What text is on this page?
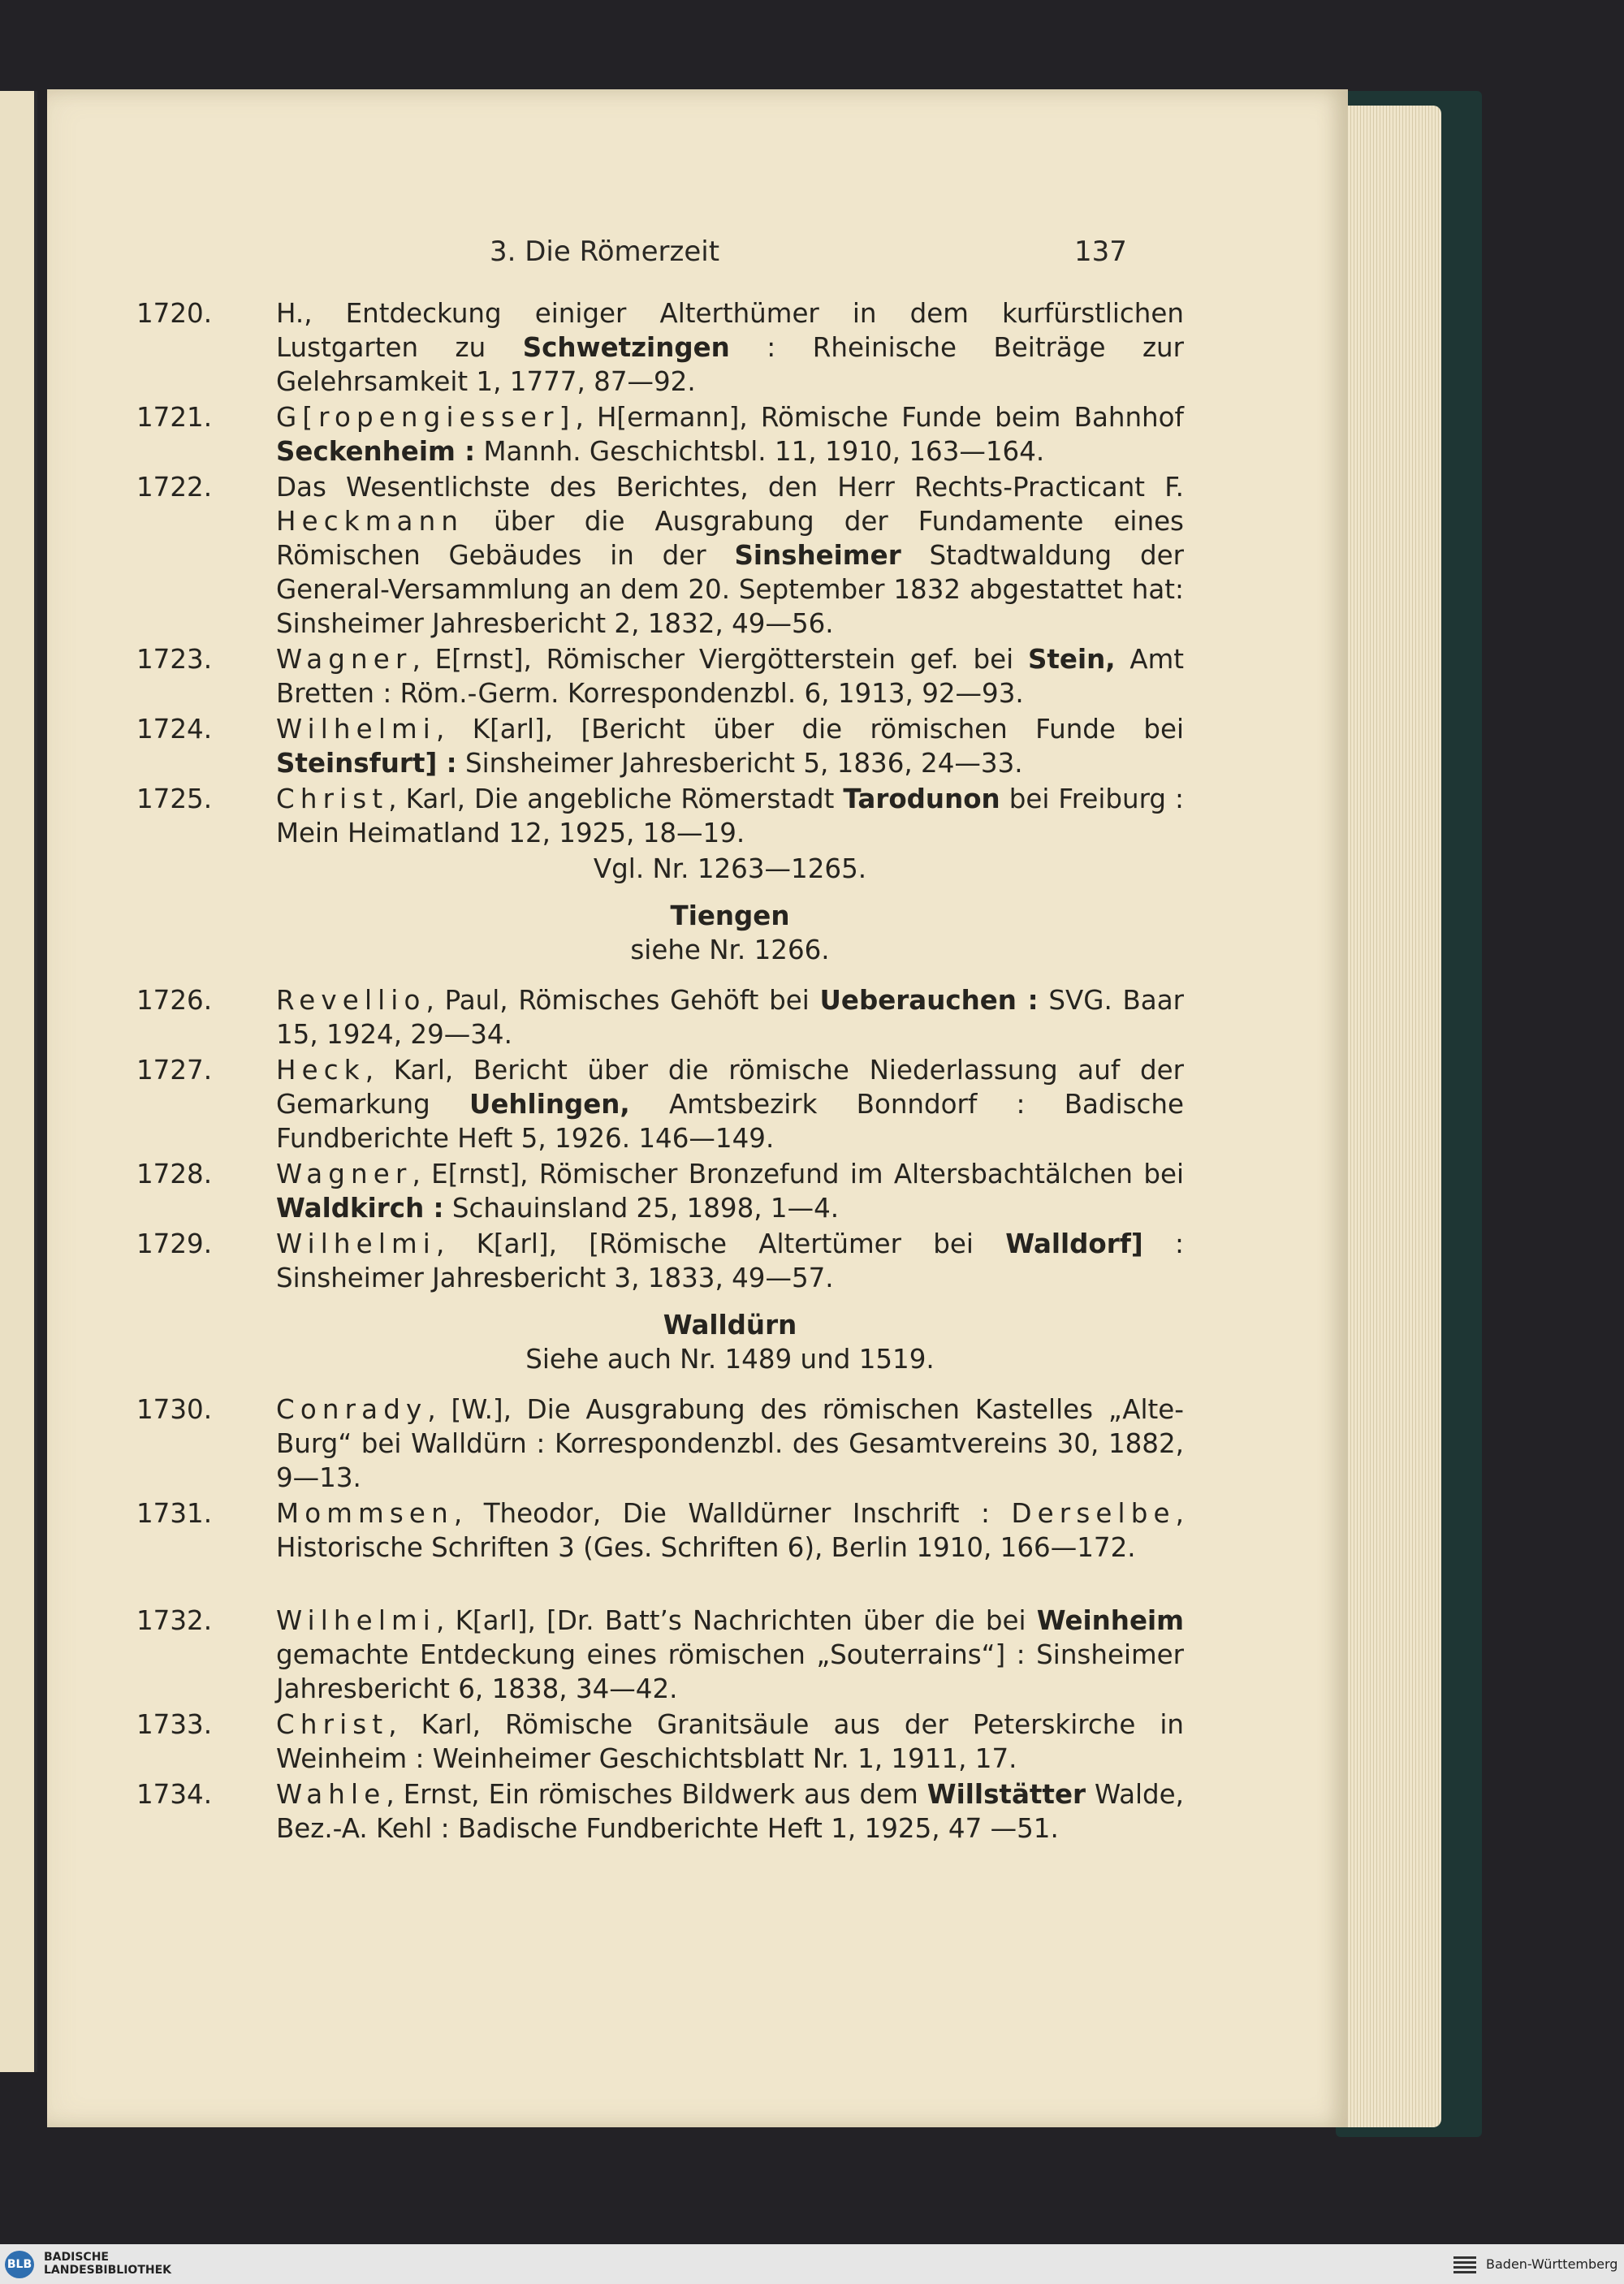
3. Die Römerzeit	137
1720.	H., Entdeckung einiger Alterthümer in dem kurfürstlichen Lustgarten zu Schwetzingen : Rheinische Beiträge zur Gelehrsamkeit 1, 1777, 87—92.
1721.	G[ropengiesser], H[ermann], Römische Funde beim Bahnhof Seckenheim : Mannh. Geschichtsbl. 11, 1910, 163—164.
1722.	Das Wesentlichste des Berichtes, den Herr Rechts-Practicant F. Heckmann über die Ausgrabung der Fundamente eines Römischen Gebäudes in der Sinsheimer Stadtwaldung der General-Versammlung an dem 20. September 1832 abgestattet hat: Sinsheimer Jahresbericht 2, 1832, 49—56.
1723.	Wagner, E[rnst], Römischer Viergötterstein gef. bei Stein, Amt Bretten : Röm.-Germ. Korrespondenzbl. 6, 1913, 92—93.
1724.	Wilhelmi, K[arl], [Bericht über die römischen Funde bei Steinsfurt] : Sinsheimer Jahresbericht 5, 1836, 24—33.
1725.	Christ, Karl, Die angebliche Römerstadt Tarodunon bei Freiburg : Mein Heimatland 12, 1925, 18—19.
Vgl. Nr. 1263—1265.
Tiengen
siehe Nr. 1266.
1726.	Revellio, Paul, Römisches Gehöft bei Ueberauchen : SVG. Baar 15, 1924, 29—34.
1727.	Heck, Karl, Bericht über die römische Niederlassung auf der Gemarkung Uehlingen, Amtsbezirk Bonndorf : Badische Fundberichte Heft 5, 1926. 146—149.
1728.	Wagner, E[rnst], Römischer Bronzefund im Altersbachtälchen bei Waldkirch : Schauinsland 25, 1898, 1—4.
1729.	Wilhelmi, K[arl], [Römische Altertümer bei Walldorf] : Sinsheimer Jahresbericht 3, 1833, 49—57.
Walldürn
Siehe auch Nr. 1489 und 1519.
1730.	Conrady, [W.], Die Ausgrabung des römischen Kastelles „Alte-Burg“ bei Walldürn : Korrespondenzbl. des Gesamtvereins 30, 1882, 9—13.
1731.	Mommsen, Theodor, Die Walldürner Inschrift : Derselbe, Historische Schriften 3 (Ges. Schriften 6), Berlin 1910, 166—172.
1732.	Wilhelmi, K[arl], [Dr. Batt’s Nachrichten über die bei Weinheim gemachte Entdeckung eines römischen „Souterrains“] : Sinsheimer Jahresbericht 6, 1838, 34—42.
1733.	Christ, Karl, Römische Granitsäule aus der Peterskirche in Weinheim : Weinheimer Geschichtsblatt Nr. 1, 1911, 17.
1734.	Wahle, Ernst, Ein römisches Bildwerk aus dem Willstätter Walde, Bez.-A. Kehl : Badische Fundberichte Heft 1, 1925, 47 —51.
BLB
BADISCHE
LANDESBIBLIOTHEK	Baden-Württemberg
